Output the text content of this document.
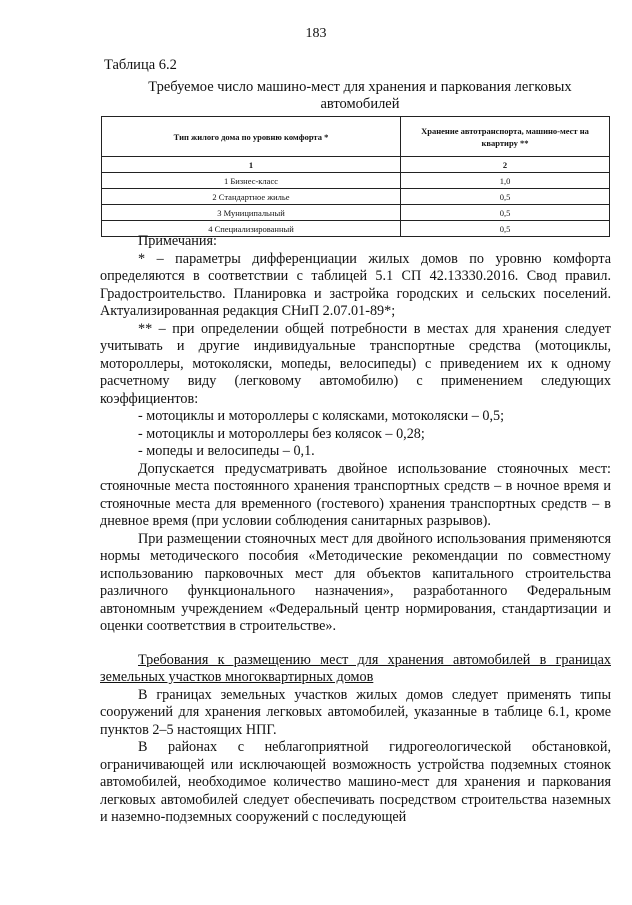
183
Таблица 6.2
Требуемое число машино-мест для хранения и паркования легковых автомобилей
Тип жилого дома по уровню комфорта *	Хранение автотранспорта, машино-мест на квартиру **
1	2
1 Бизнес-класс	1,0
2 Стандартное жилье	0,5
3 Муниципальный	0,5
4 Специализированный	0,5

Примечания:

* – параметры дифференциации жилых домов по уровню комфорта определяются в соответствии с таблицей 5.1 СП 42.13330.2016. Свод правил. Градостроительство. Планировка и застройка городских и сельских поселений. Актуализированная редакция СНиП 2.07.01-89*;

** – при определении общей потребности в местах для хранения следует учитывать и другие индивидуальные транспортные средства (мотоциклы, мотороллеры, мотоколяски, мопеды, велосипеды) с приведением их к одному расчетному виду (легковому автомобилю) с применением следующих коэффициентов:

- мотоциклы и мотороллеры с колясками, мотоколяски – 0,5;

- мотоциклы и мотороллеры без колясок – 0,28;

- мопеды и велосипеды – 0,1.

Допускается предусматривать двойное использование стояночных мест: стояночные места постоянного хранения транспортных средств – в ночное время и стояночные места для временного (гостевого) хранения транспортных средств – в дневное время (при условии соблюдения санитарных разрывов).

При размещении стояночных мест для двойного использования применяются нормы методического пособия «Методические рекомендации по совместному использованию парковочных мест для объектов капитального строительства различного функционального назначения», разработанного Федеральным автономным учреждением «Федеральный центр нормирования, стандартизации и оценки соответствия в строительстве».

Требования к размещению мест для хранения автомобилей в границах земельных участков многоквартирных домов

В границах земельных участков жилых домов следует применять типы сооружений для хранения легковых автомобилей, указанные в таблице 6.1, кроме пунктов 2–5 настоящих НПГ.

В районах с неблагоприятной гидрогеологической обстановкой, ограничивающей или исключающей возможность устройства подземных стоянок автомобилей, необходимое количество машино-мест для хранения и паркования легковых автомобилей следует обеспечивать посредством строительства наземных и наземно-подземных сооружений с последующей
